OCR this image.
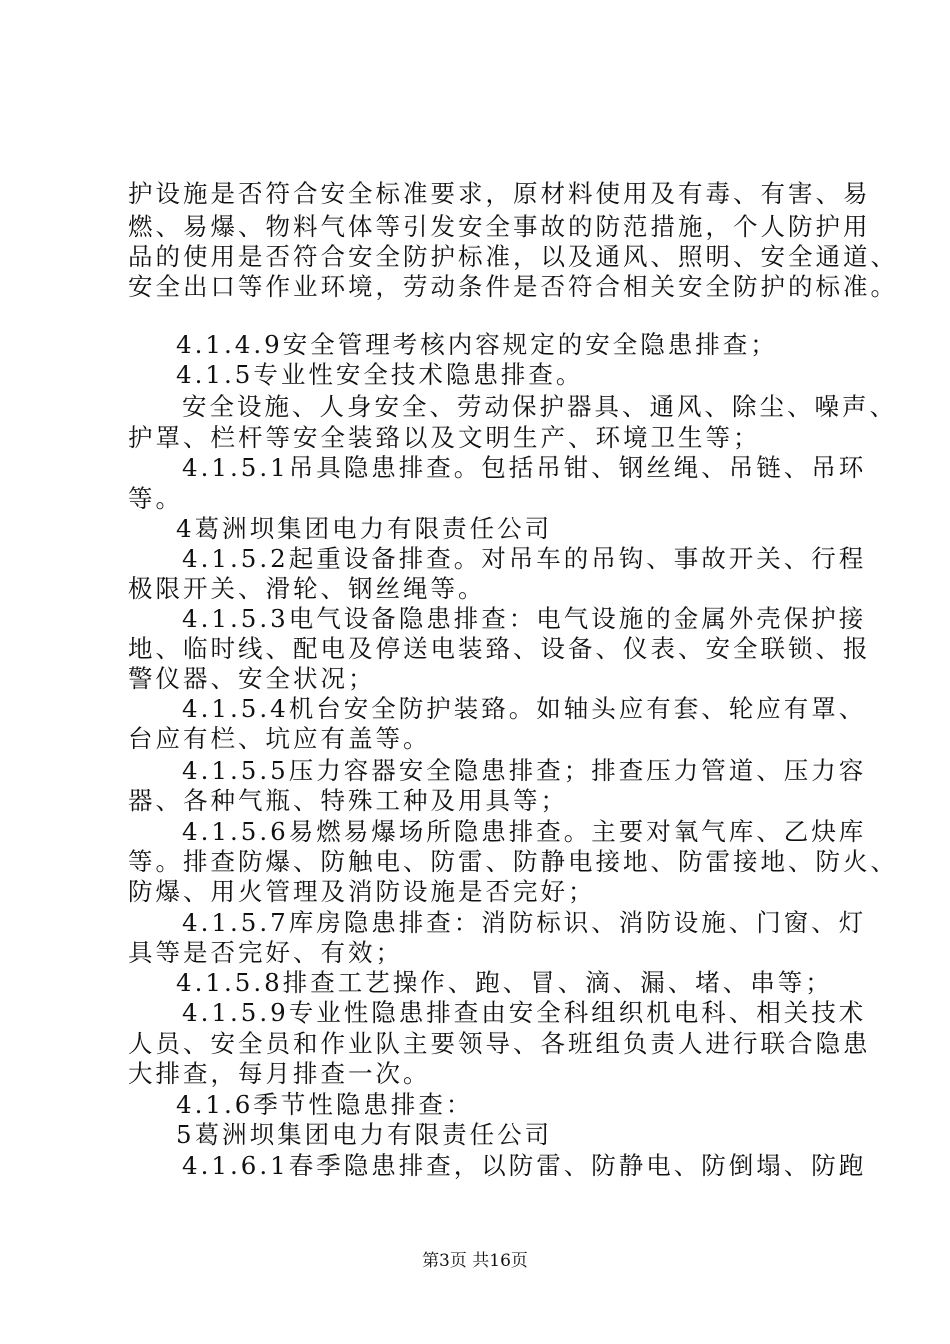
护设施是否符合安全标准要求，原材料使用及有毒、有害、易
燃、易爆、物料气体等引发安全事故的防范措施，个人防护用
品的使用是否符合安全防护标准，以及通风、照明、安全通道、
安全出口等作业环境，劳动条件是否符合相关安全防护的标准。
4.1.4.9安全管理考核内容规定的安全隐患排查；
4.1.5专业性安全技术隐患排查。
安全设施、人身安全、劳动保护器具、通风、除尘、噪声、
护罩、栏杆等安全装臵以及文明生产、环境卫生等；
4.1.5.1吊具隐患排查。包括吊钳、钢丝绳、吊链、吊环
等。
4葛洲坝集团电力有限责任公司
4.1.5.2起重设备排查。对吊车的吊钩、事故开关、行程
极限开关、滑轮、钢丝绳等。
4.1.5.3电气设备隐患排查：电气设施的金属外壳保护接
地、临时线、配电及停送电装臵、设备、仪表、安全联锁、报
警仪器、安全状况；
4.1.5.4机台安全防护装臵。如轴头应有套、轮应有罩、
台应有栏、坑应有盖等。
4.1.5.5压力容器安全隐患排查；排查压力管道、压力容
器、各种气瓶、特殊工种及用具等；
4.1.5.6易燃易爆场所隐患排查。主要对氧气库、乙炔库
等。排查防爆、防触电、防雷、防静电接地、防雷接地、防火、
防爆、用火管理及消防设施是否完好；
4.1.5.7库房隐患排查：消防标识、消防设施、门窗、灯
具等是否完好、有效；
4.1.5.8排查工艺操作、跑、冒、滴、漏、堵、串等；
4.1.5.9专业性隐患排查由安全科组织机电科、相关技术
人员、安全员和作业队主要领导、各班组负责人进行联合隐患
大排查，每月排查一次。
4.1.6季节性隐患排查：
5葛洲坝集团电力有限责任公司
4.1.6.1春季隐患排查，以防雷、防静电、防倒塌、防跑
第3页 共16页
